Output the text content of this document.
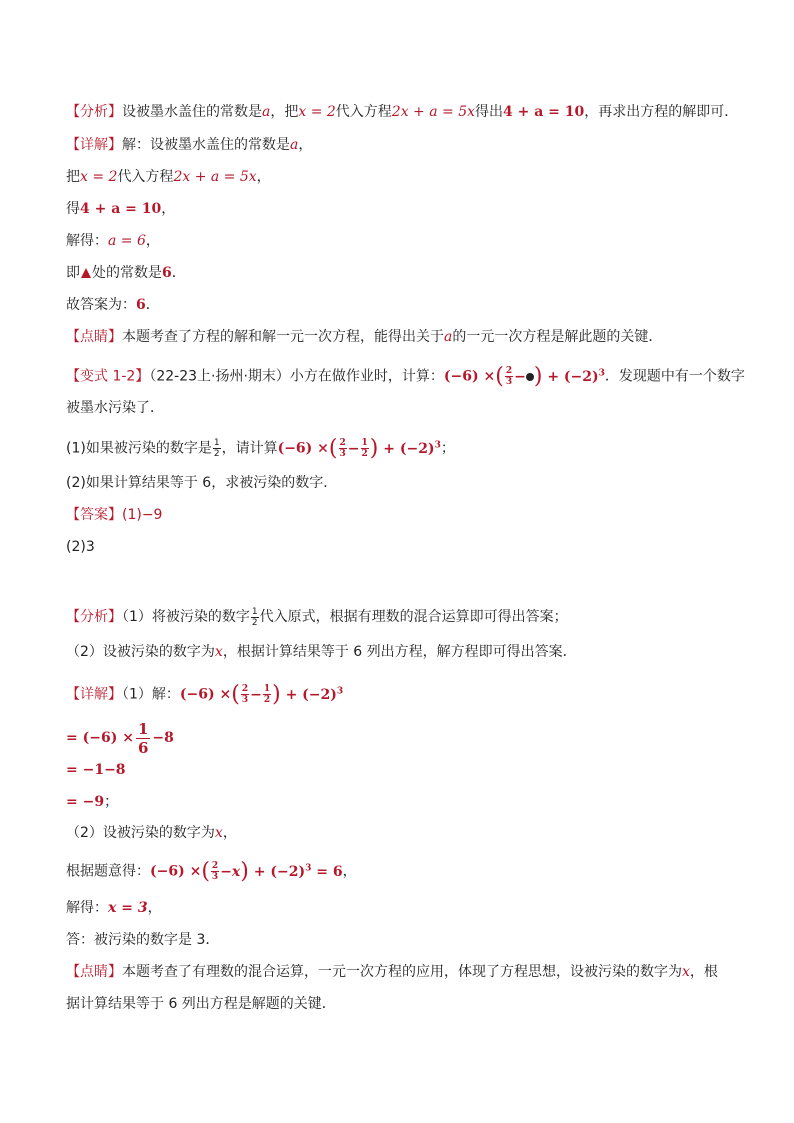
【分析】设被墨水盖住的常数是a，把x = 2代入方程2x + a = 5x得出4 + a = 10，再求出方程的解即可．
【详解】解：设被墨水盖住的常数是a，
把x = 2代入方程2x + a = 5x，
得4 + a = 10，
解得：a = 6，
即 处的常数是6．
故答案为：6．
【点睛】本题考查了方程的解和解一元一次方程，能得出关于a的一元一次方程是解此题的关键．
【变式 1-2】（22-23上·扬州·期末）小方在做作业时，计算：(−6) ×( $\frac{2}{3}$ − ) + $(-2)^3$．发现题中有一个数字
被墨水污染了．
(1)如果被污染的数字是 $\frac{1}{2}$ ，请计算(−6) ×( $\frac{2}{3} - \frac{1}{2}$ ) + $(-2)^3$；
(2)如果计算结果等于 6，求被污染的数字．
【答案】(1)−9
(2)3
【分析】（1）将被污染的数字 $\frac{1}{2}$ 代入原式，根据有理数的混合运算即可得出答案；
（2）设被污染的数字为x，根据计算结果等于 6 列出方程，解方程即可得出答案．
【详解】（1）解：(−6) ×( $\frac{2}{3} - \frac{1}{2}$ ) + $(-2)^3$
= $(-6) \times \frac{1}{6} -8$
= −1−8
= −9；
（2）设被污染的数字为x，
根据题意得：(−6) ×( $\frac{2}{3} -x) + (-2)^3 = 6$，
解得：x = 3，
答：被污染的数字是 3．
【点睛】本题考查了有理数的混合运算，一元一次方程的应用，体现了方程思想，设被污染的数字为x，根
据计算结果等于 6 列出方程是解题的关键．
